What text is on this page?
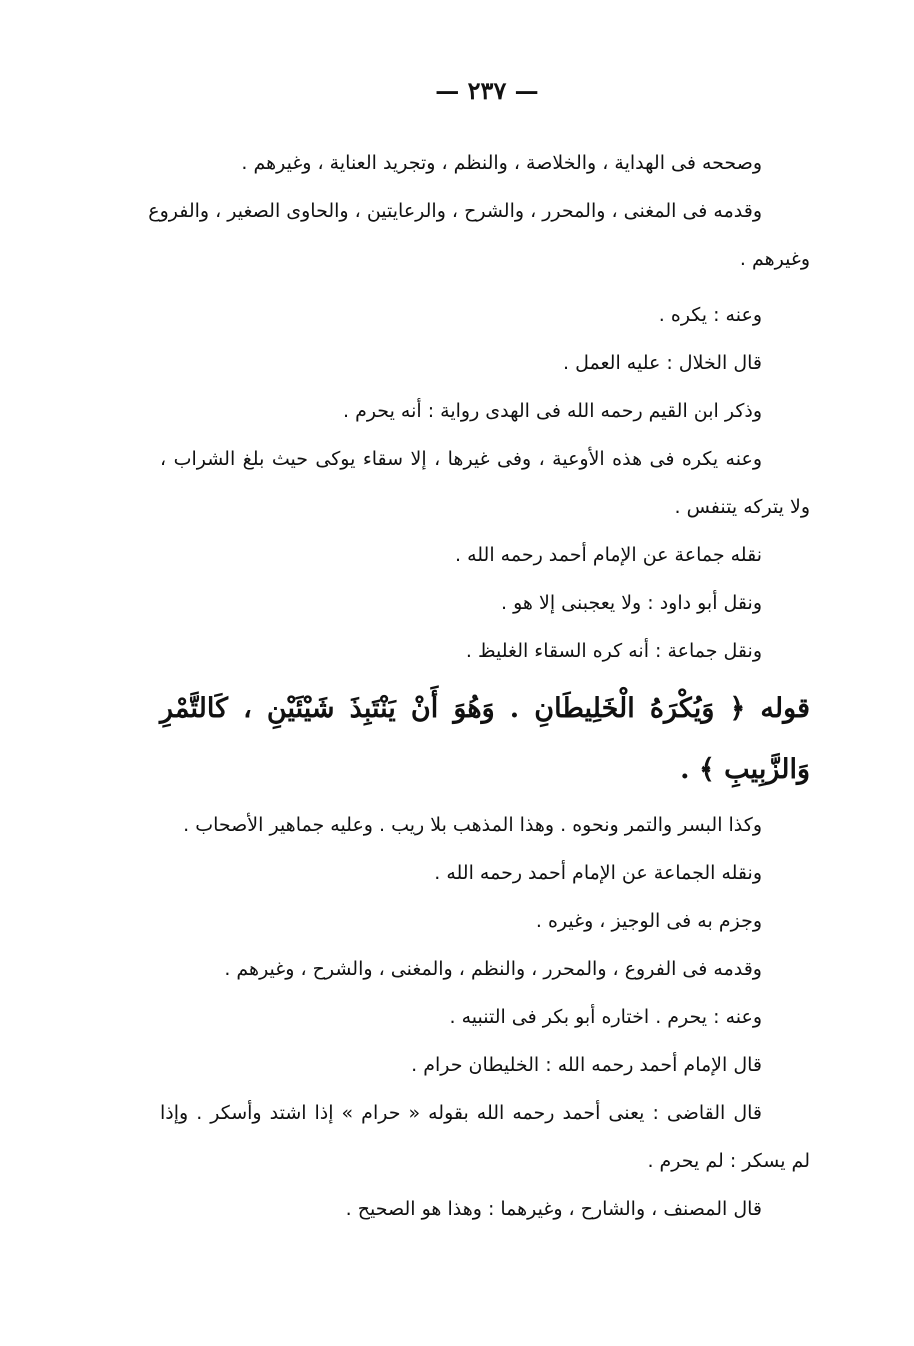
— ٢٣٧ —
وصححه فى الهداية ، والخلاصة ، والنظم ، وتجريد العناية ، وغيرهم .
وقدمه فى المغنى ، والمحرر ، والشرح ، والرعايتين ، والحاوى الصغير ، والفروع
وغيرهم .
وعنه : يكره .
قال الخلال : عليه العمل .
وذكر ابن القيم رحمه الله فى الهدى رواية : أنه يحرم .
وعنه يكره فى هذه الأوعية ، وفى غيرها ، إلا سقاء يوكى حيث بلغ الشراب ،
ولا يتركه يتنفس .
نقله جماعة عن الإمام أحمد رحمه الله .
ونقل أبو داود : ولا يعجبنى إلا هو .
ونقل جماعة : أنه كره السقاء الغليظ .
قوله ﴿ وَيُكْرَهُ الْخَلِيطَانِ . وَهُوَ أَنْ يَنْتَبِذَ شَيْئَيْنِ ، كَالتَّمْرِ
وَالزَّبِيبِ ﴾ .
وكذا البسر والتمر ونحوه . وهذا المذهب بلا ريب . وعليه جماهير الأصحاب .
ونقله الجماعة عن الإمام أحمد رحمه الله .
وجزم به فى الوجيز ، وغيره .
وقدمه فى الفروع ، والمحرر ، والنظم ، والمغنى ، والشرح ، وغيرهم .
وعنه : يحرم . اختاره أبو بكر فى التنبيه .
قال الإمام أحمد رحمه الله : الخليطان حرام .
قال القاضى : يعنى أحمد رحمه الله بقوله « حرام » إذا اشتد وأسكر . وإذا
لم يسكر : لم يحرم .
قال المصنف ، والشارح ، وغيرهما : وهذا هو الصحيح .
